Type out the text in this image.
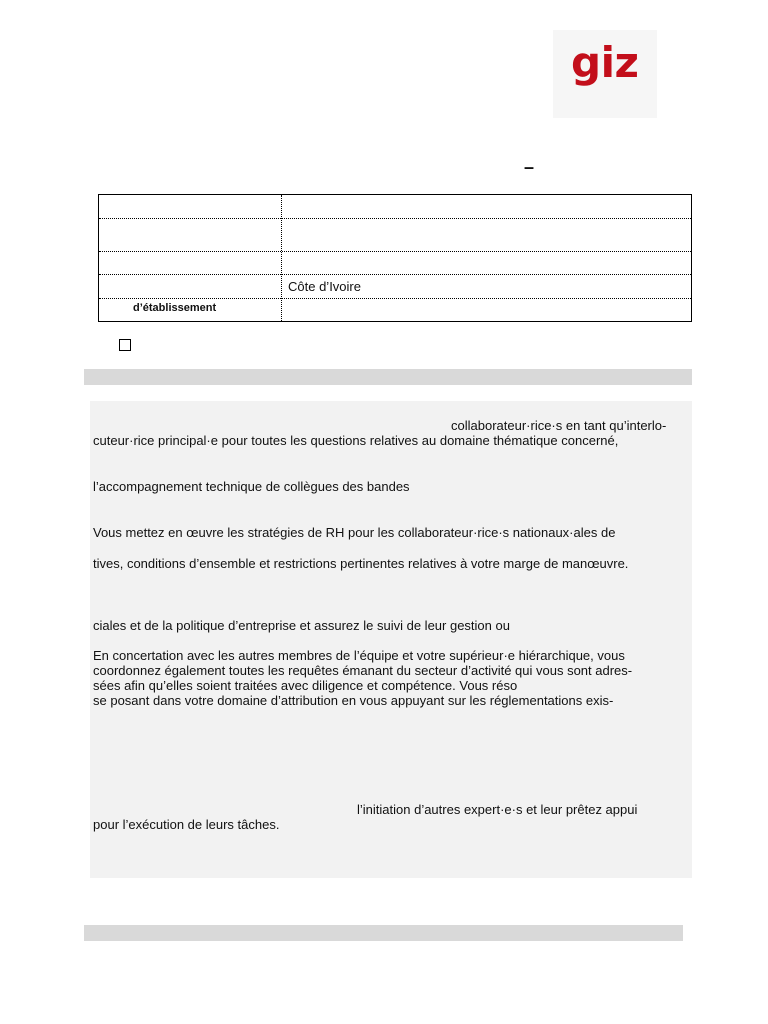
giz
–
Côte d’Ivoire
d’établissement
collaborateur·rice·s en tant qu’interlo-
cuteur·rice principal·e pour toutes les questions relatives au domaine thématique concerné,
l’accompagnement technique de collègues des bandes
Vous mettez en œuvre les stratégies de RH pour les collaborateur·rice·s nationaux·ales de
tives, conditions d’ensemble et restrictions pertinentes relatives à votre marge de manœuvre.
ciales et de la politique d’entreprise et assurez le suivi de leur gestion ou
En concertation avec les autres membres de l’équipe et votre supérieur·e hiérarchique, vous
coordonnez également toutes les requêtes émanant du secteur d’activité qui vous sont adres-
sées afin qu’elles soient traitées avec diligence et compétence. Vous réso
se posant dans votre domaine d’attribution en vous appuyant sur les réglementations exis-
l’initiation d’autres expert·e·s et leur prêtez appui
pour l’exécution de leurs tâches.
